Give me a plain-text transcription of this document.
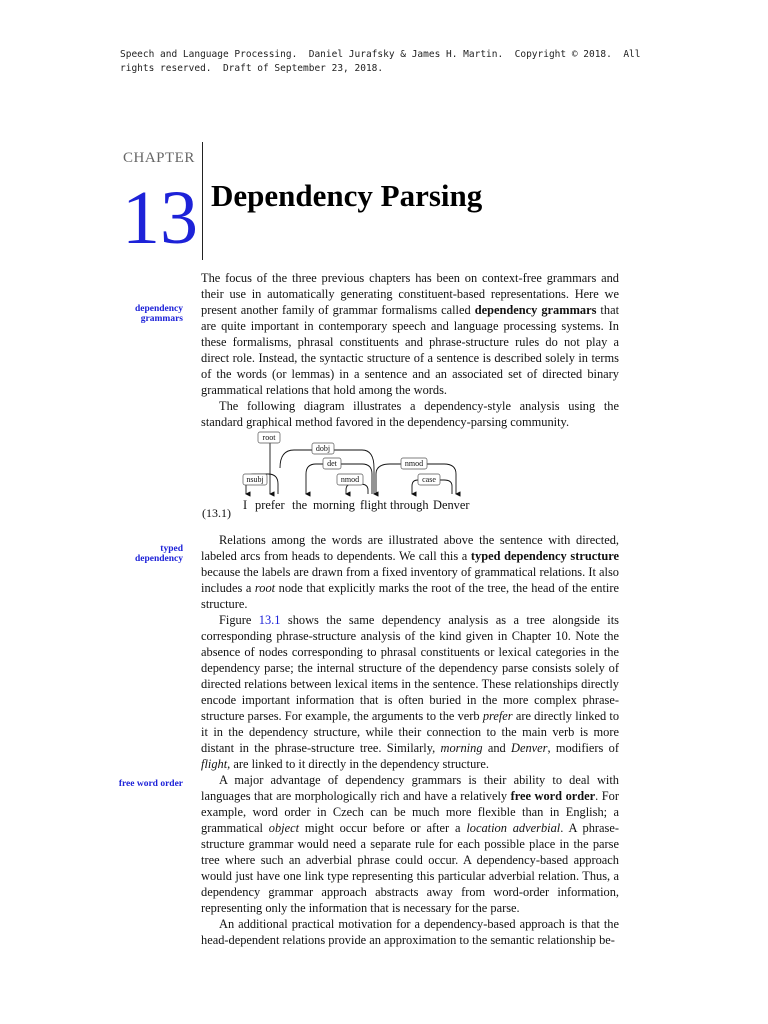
Speech and Language Processing.  Daniel Jurafsky & James H. Martin.  Copyright © 2018.  All
rights reserved.  Draft of September 23, 2018.
CHAPTER
13 Dependency Parsing
dependency
grammars
typed
dependency
free word order

The focus of the three previous chapters has been on context-free grammars and their use in automatically generating constituent-based representations. Here we present another family of grammar formalisms called dependency grammars that are quite important in contemporary speech and language processing systems. In these formalisms, phrasal constituents and phrase-structure rules do not play a direct role. Instead, the syntactic structure of a sentence is described solely in terms of the words (or lemmas) in a sentence and an associated set of directed binary grammatical relations that hold among the words.

The following diagram illustrates a dependency-style analysis using the standard graphical method favored in the dependency-parsing community.

Relations among the words are illustrated above the sentence with directed, labeled arcs from heads to dependents. We call this a typed dependency structure because the labels are drawn from a fixed inventory of grammatical relations. It also includes a root node that explicitly marks the root of the tree, the head of the entire structure.

Figure 13.1 shows the same dependency analysis as a tree alongside its corresponding phrase-structure analysis of the kind given in Chapter 10. Note the absence of nodes corresponding to phrasal constituents or lexical categories in the dependency parse; the internal structure of the dependency parse consists solely of directed relations between lexical items in the sentence. These relationships directly encode important information that is often buried in the more complex phrase-structure parses. For example, the arguments to the verb prefer are directly linked to it in the dependency structure, while their connection to the main verb is more distant in the phrase-structure tree. Similarly, morning and Denver, modifiers of flight, are linked to it directly in the dependency structure.

A major advantage of dependency grammars is their ability to deal with languages that are morphologically rich and have a relatively free word order. For example, word order in Czech can be much more flexible than in English; a grammatical object might occur before or after a location adverbial. A phrase-structure grammar would need a separate rule for each possible place in the parse tree where such an adverbial phrase could occur. A dependency-based approach would just have one link type representing this particular adverbial relation. Thus, a dependency grammar approach abstracts away from word-order information, representing only the information that is necessary for the parse.

An additional practical motivation for a dependency-based approach is that the head-dependent relations provide an approximation to the semantic relationship be-

root
dobj
det	nmod
nsubj	nmod	case
(13.1)
I prefer the morning flight through Denver
